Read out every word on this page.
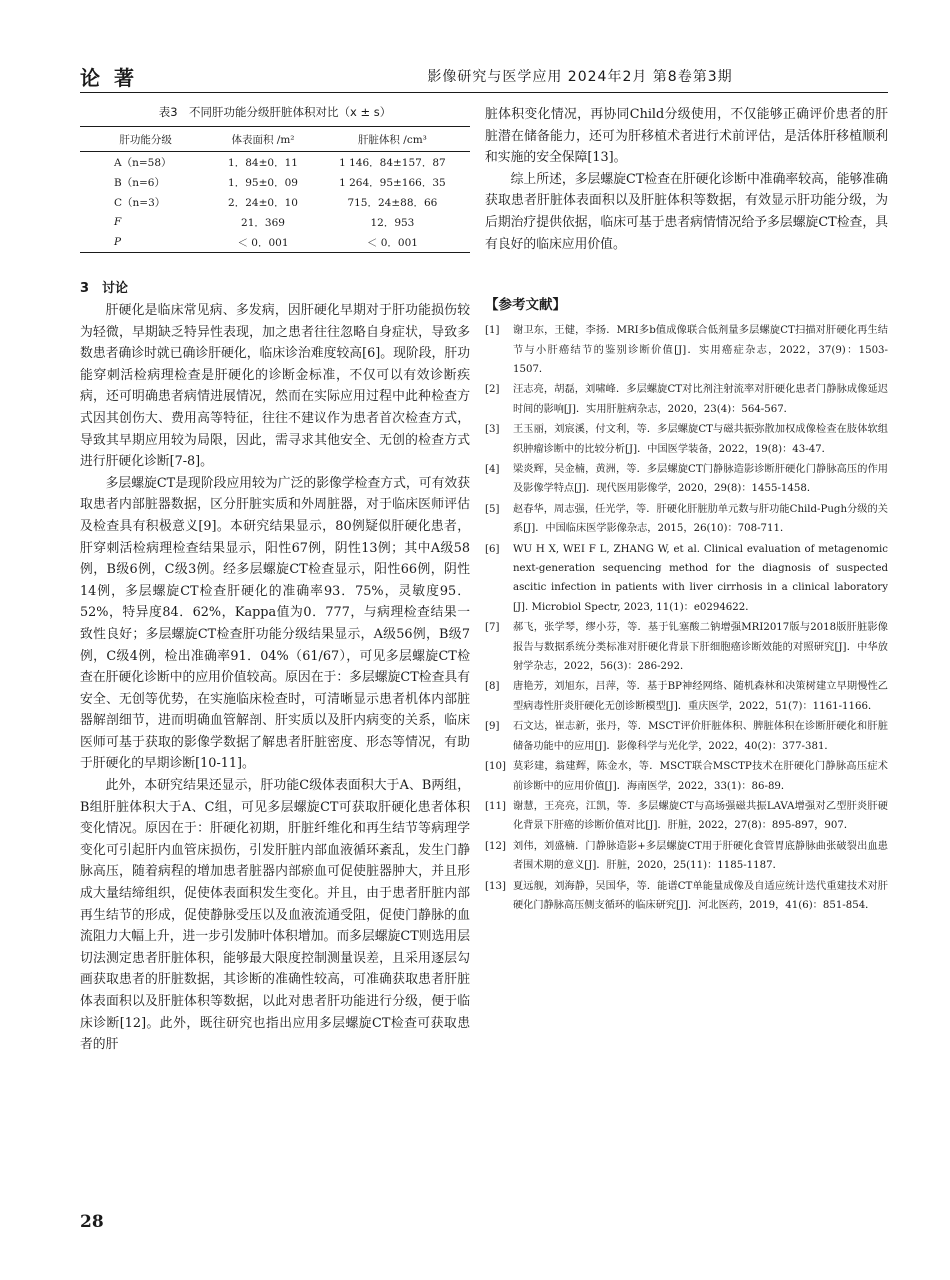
论著	影像研究与医学应用 2024年2月 第8卷第3期
表3　不同肝功能分级肝脏体积对比（x ± s）
肝功能分级	体表面积 /m²	肝脏体积 /cm³
A（n=58）	1．84±0．11	1 146．84±157．87
B（n=6）	1．95±0．09	1 264．95±166．35
C（n=3）	2．24±0．10	715．24±88．66
F	21．369	12．953
P	＜ 0．001	＜ 0．001
3　讨论

肝硬化是临床常见病、多发病，因肝硬化早期对于肝功能损伤较为轻微，早期缺乏特异性表现，加之患者往往忽略自身症状，导致多数患者确诊时就已确诊肝硬化，临床诊治难度较高[6]。现阶段，肝功能穿刺活检病理检查是肝硬化的诊断金标准，不仅可以有效诊断疾病，还可明确患者病情进展情况，然而在实际应用过程中此种检查方式因其创伤大、费用高等特征，往往不建议作为患者首次检查方式，导致其早期应用较为局限，因此，需寻求其他安全、无创的检查方式进行肝硬化诊断[7-8]。

多层螺旋CT是现阶段应用较为广泛的影像学检查方式，可有效获取患者内部脏器数据，区分肝脏实质和外周脏器，对于临床医师评估及检查具有积极意义[9]。本研究结果显示，80例疑似肝硬化患者，肝穿刺活检病理检查结果显示，阳性67例，阴性13例；其中A级58例，B级6例，C级3例。经多层螺旋CT检查显示，阳性66例，阴性14例，多层螺旋CT检查肝硬化的准确率93．75%，灵敏度95．52%，特异度84．62%，Kappa值为0．777，与病理检查结果一致性良好；多层螺旋CT检查肝功能分级结果显示，A级56例，B级7例，C级4例，检出准确率91．04%（61/67），可见多层螺旋CT检查在肝硬化诊断中的应用价值较高。原因在于：多层螺旋CT检查具有安全、无创等优势，在实施临床检查时，可清晰显示患者机体内部脏器解剖细节，进而明确血管解剖、肝实质以及肝内病变的关系，临床医师可基于获取的影像学数据了解患者肝脏密度、形态等情况，有助于肝硬化的早期诊断[10-11]。

此外，本研究结果还显示，肝功能C级体表面积大于A、B两组，B组肝脏体积大于A、C组，可见多层螺旋CT可获取肝硬化患者体积变化情况。原因在于：肝硬化初期，肝脏纤维化和再生结节等病理学变化可引起肝内血管床损伤，引发肝脏内部血液循环紊乱，发生门静脉高压，随着病程的增加患者脏器内部瘀血可促使脏器肿大，并且形成大量结缔组织，促使体表面积发生变化。并且，由于患者肝脏内部再生结节的形成，促使静脉受压以及血液流通受阻，促使门静脉的血流阻力大幅上升，进一步引发肺叶体积增加。而多层螺旋CT则选用层切法测定患者肝脏体积，能够最大限度控制测量误差，且采用逐层勾画获取患者的肝脏数据，其诊断的准确性较高，可准确获取患者肝脏体表面积以及肝脏体积等数据，以此对患者肝功能进行分级，便于临床诊断[12]。此外，既往研究也指出应用多层螺旋CT检查可获取患者的肝

脏体积变化情况，再协同Child分级使用，不仅能够正确评价患者的肝脏潜在储备能力，还可为肝移植术者进行术前评估，是活体肝移植顺利和实施的安全保障[13]。

综上所述，多层螺旋CT检查在肝硬化诊断中准确率较高，能够准确获取患者肝脏体表面积以及肝脏体积等数据，有效显示肝功能分级，为后期治疗提供依据，临床可基于患者病情情况给予多层螺旋CT检查，具有良好的临床应用价值。

【参考文献】
[1]	谢卫东，王健，李扬．MRI多b值成像联合低剂量多层螺旋CT扫描对肝硬化再生结节与小肝癌结节的鉴别诊断价值[J]．实用癌症杂志，2022，37(9)：1503-1507．
[2]	汪志亮，胡磊，刘啸峰．多层螺旋CT对比剂注射流率对肝硬化患者门静脉成像延迟时间的影响[J]．实用肝脏病杂志，2020，23(4)：564-567．
[3]	王玉丽，刘宸溪，付文利，等．多层螺旋CT与磁共振弥散加权成像检查在肢体软组织肿瘤诊断中的比较分析[J]．中国医学装备，2022，19(8)：43-47．
[4]	梁炎辉，吴金楠，黄洲，等．多层螺旋CT门静脉造影诊断肝硬化门静脉高压的作用及影像学特点[J]．现代医用影像学，2020，29(8)：1455-1458．
[5]	赵春华，周志强，任光学，等．肝硬化肝脏肋单元数与肝功能Child-Pugh分级的关系[J]．中国临床医学影像杂志，2015，26(10)：708-711．
[6]	WU H X, WEI F L, ZHANG W, et al. Clinical evaluation of metagenomic next-generation sequencing method for the diagnosis of suspected ascitic infection in patients with liver cirrhosis in a clinical laboratory [J]. Microbiol Spectr, 2023, 11(1)：e0294622．
[7]	郝飞，张学琴，缪小芬，等．基于钆塞酸二钠增强MRI2017版与2018版肝脏影像报告与数据系统分类标准对肝硬化背景下肝细胞癌诊断效能的对照研究[J]．中华放射学杂志，2022，56(3)：286-292．
[8]	唐艳芳，刘旭东，吕萍，等．基于BP神经网络、随机森林和决策树建立早期慢性乙型病毒性肝炎肝硬化无创诊断模型[J]．重庆医学，2022，51(7)：1161-1166．
[9]	石文达，崔志新，张丹，等．MSCT评价肝脏体积、脾脏体积在诊断肝硬化和肝脏储备功能中的应用[J]．影像科学与光化学，2022，40(2)：377-381．
[10] 莫彩建，翁建辉，陈金水，等．MSCT联合MSCTP技术在肝硬化门静脉高压症术前诊断中的应用价值[J]．海南医学，2022，33(1)：86-89．
[11] 谢慧，王亮亮，江凯，等．多层螺旋CT与高场强磁共振LAVA增强对乙型肝炎肝硬化背景下肝癌的诊断价值对比[J]．肝脏，2022，27(8)：895-897，907．
[12] 刘伟，刘盛楠．门静脉造影+多层螺旋CT用于肝硬化食管胃底静脉曲张破裂出血患者围术期的意义[J]．肝脏，2020，25(11)：1185-1187．
[13] 夏远舰，刘海静，吴国华，等．能谱CT单能量成像及自适应统计迭代重建技术对肝硬化门静脉高压侧支循环的临床研究[J]．河北医药，2019，41(6)：851-854．
28
